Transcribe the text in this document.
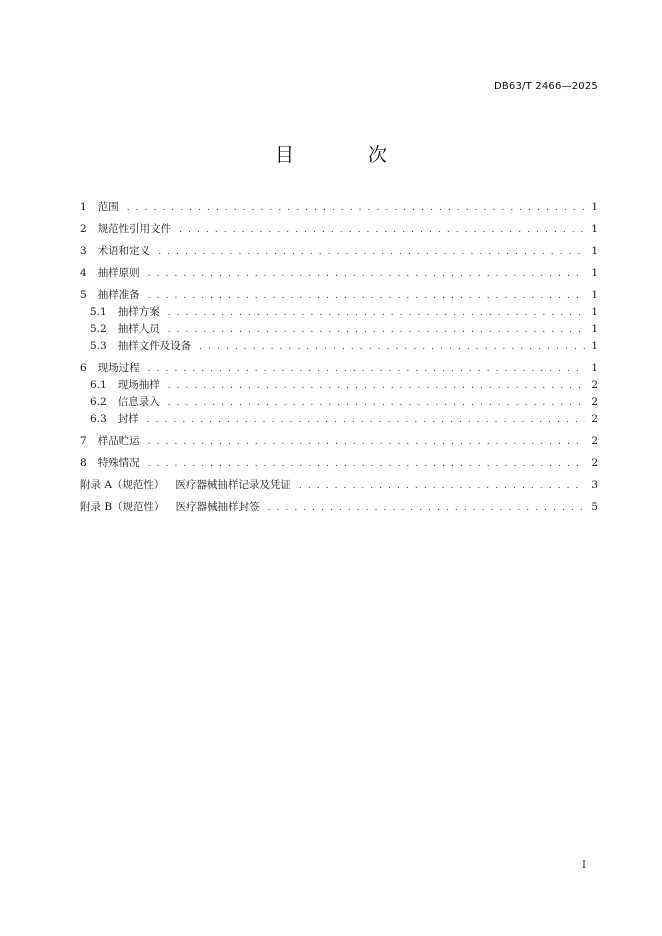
DB63/T 2466—2025
目 次
1 范围 . . .	1
2 规范性引用文件 . . .	1
3 术语和定义 . . .	1
4 抽样原则 . . .	1
5 抽样准备 . . .	1
5.1 抽样方案 . . .	1
5.2 抽样人员 . . .	1
5.3 抽样文件及设备 . . .	1
6 现场过程 . . .	1
6.1 现场抽样 . . .	2
6.2 信息录入 . . .	2
6.3 封样 . . .	2
7 样品贮运 . . .	2
8 特殊情况 . . .	2
附录 A（规范性） 医疗器械抽样记录及凭证 . . .	3
附录 B（规范性） 医疗器械抽样封签 . . .	5
I
